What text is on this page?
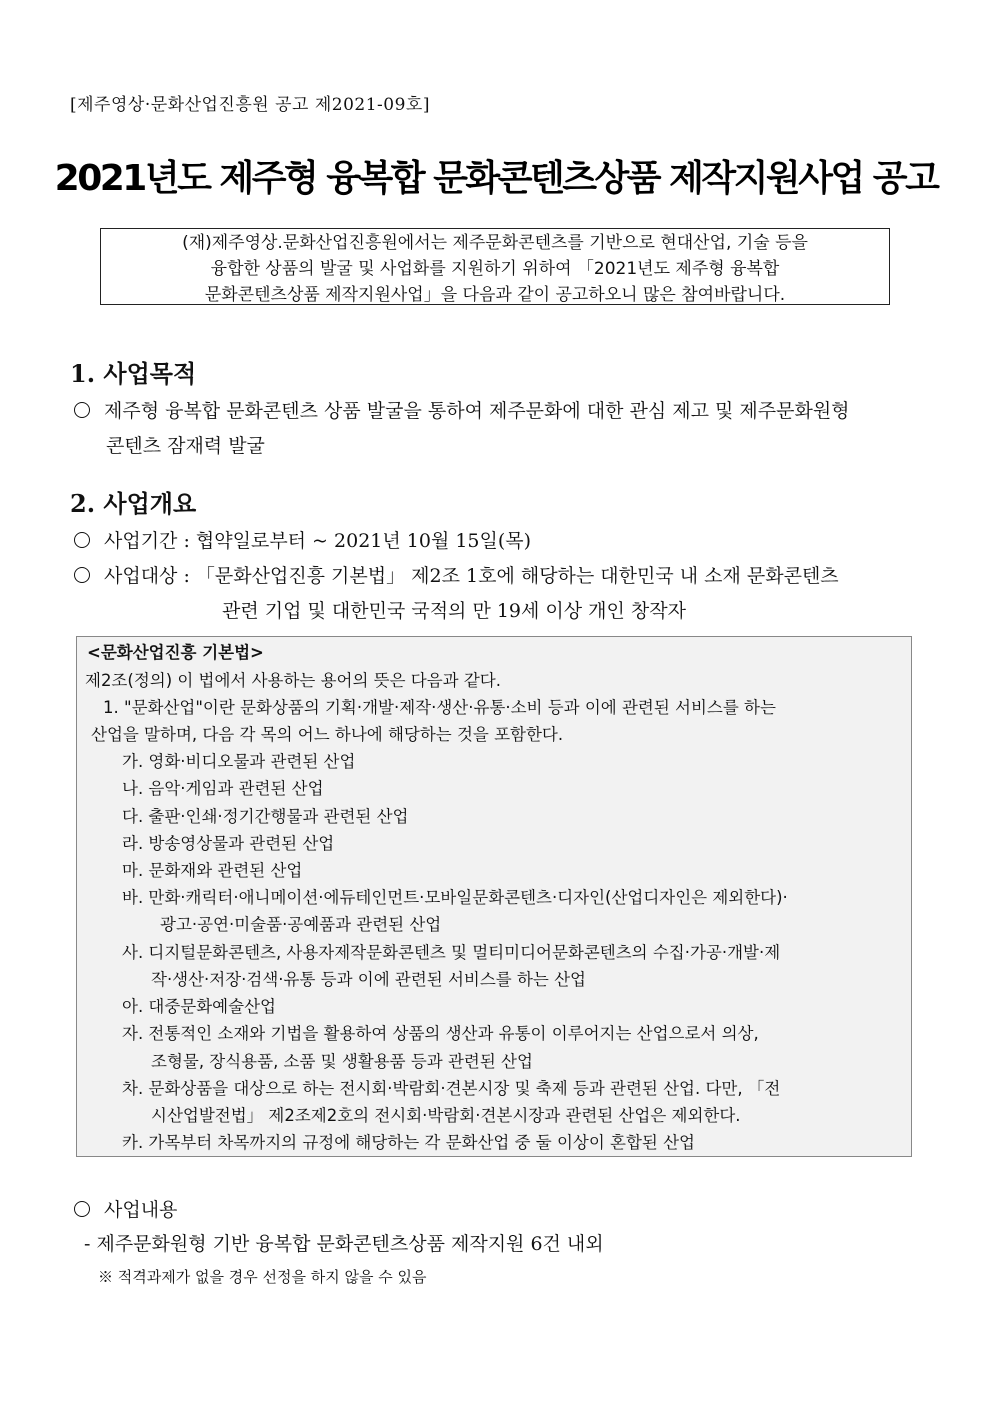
[제주영상·문화산업진흥원 공고 제2021-09호]
2021년도 제주형 융복합 문화콘텐츠상품 제작지원사업 공고
(재)제주영상.문화산업진흥원에서는 제주문화콘텐츠를 기반으로 현대산업, 기술 등을
융합한 상품의 발굴 및 사업화를 지원하기 위하여 「2021년도 제주형 융복합
문화콘텐츠상품 제작지원사업」을 다음과 같이 공고하오니 많은 참여바랍니다.
1. 사업목적
제주형 융복합 문화콘텐츠 상품 발굴을 통하여 제주문화에 대한 관심 제고 및 제주문화원형
콘텐츠 잠재력 발굴
2. 사업개요
사업기간 : 협약일로부터 ~ 2021년 10월 15일(목)
사업대상 : 「문화산업진흥 기본법」 제2조 1호에 해당하는 대한민국 내 소재 문화콘텐츠
관련 기업 및 대한민국 국적의 만 19세 이상 개인 창작자
<문화산업진흥 기본법>
제2조(정의) 이 법에서 사용하는 용어의 뜻은 다음과 같다.
1. "문화산업"이란 문화상품의 기획·개발·제작·생산·유통·소비 등과 이에 관련된 서비스를 하는
산업을 말하며, 다음 각 목의 어느 하나에 해당하는 것을 포함한다.
가. 영화·비디오물과 관련된 산업
나. 음악·게임과 관련된 산업
다. 출판·인쇄·정기간행물과 관련된 산업
라. 방송영상물과 관련된 산업
마. 문화재와 관련된 산업
바. 만화·캐릭터·애니메이션·에듀테인먼트·모바일문화콘텐츠·디자인(산업디자인은 제외한다)·
광고·공연·미술품·공예품과 관련된 산업
사. 디지털문화콘텐츠, 사용자제작문화콘텐츠 및 멀티미디어문화콘텐츠의 수집·가공·개발·제
작·생산·저장·검색·유통 등과 이에 관련된 서비스를 하는 산업
아. 대중문화예술산업
자. 전통적인 소재와 기법을 활용하여 상품의 생산과 유통이 이루어지는 산업으로서 의상,
조형물, 장식용품, 소품 및 생활용품 등과 관련된 산업
차. 문화상품을 대상으로 하는 전시회·박람회·견본시장 및 축제 등과 관련된 산업. 다만, 「전
시산업발전법」 제2조제2호의 전시회·박람회·견본시장과 관련된 산업은 제외한다.
카. 가목부터 차목까지의 규정에 해당하는 각 문화산업 중 둘 이상이 혼합된 산업
사업내용
- 제주문화원형 기반 융복합 문화콘텐츠상품 제작지원 6건 내외
※ 적격과제가 없을 경우 선정을 하지 않을 수 있음
